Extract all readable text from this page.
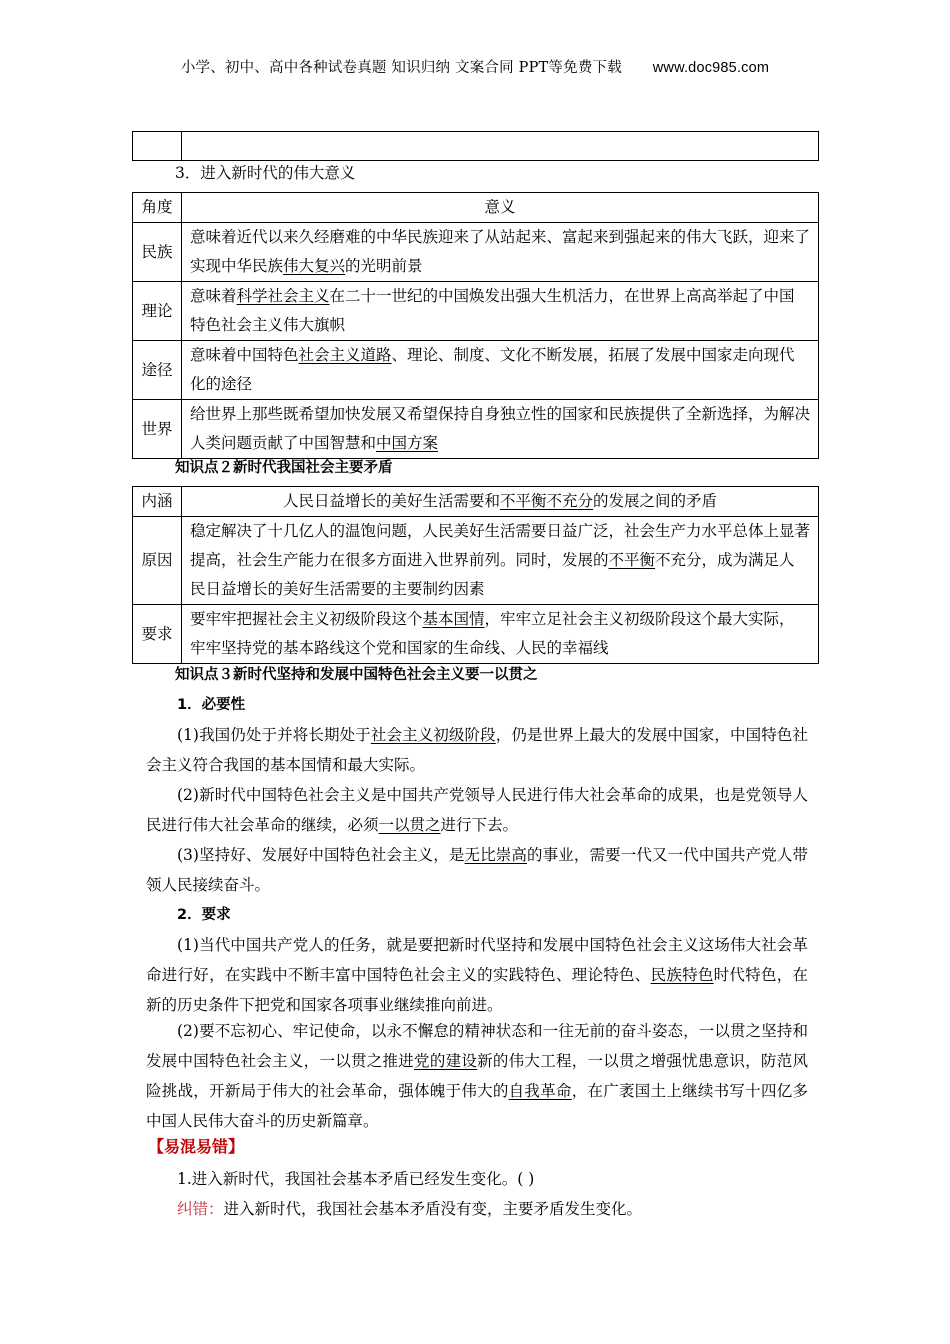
小学、初中、高中各种试卷真题 知识归纳 文案合同 PPT等免费下载 www.doc985.com

3．进入新时代的伟大意义
角度	意义
民族	意味着近代以来久经磨难的中华民族迎来了从站起来、富起来到强起来的伟大飞跃，迎来了实现中华民族伟大复兴的光明前景
理论	意味着科学社会主义在二十一世纪的中国焕发出强大生机活力，在世界上高高举起了中国特色社会主义伟大旗帜
途径	意味着中国特色社会主义道路、理论、制度、文化不断发展，拓展了发展中国家走向现代化的途径
世界	给世界上那些既希望加快发展又希望保持自身独立性的国家和民族提供了全新选择，为解决人类问题贡献了中国智慧和中国方案
知识点２新时代我国社会主要矛盾
内涵	人民日益增长的美好生活需要和不平衡不充分的发展之间的矛盾
原因	稳定解决了十几亿人的温饱问题，人民美好生活需要日益广泛，社会生产力水平总体上显著提高，社会生产能力在很多方面进入世界前列。同时，发展的不平衡不充分，成为满足人民日益增长的美好生活需要的主要制约因素
要求	要牢牢把握社会主义初级阶段这个基本国情，牢牢立足社会主义初级阶段这个最大实际，牢牢坚持党的基本路线这个党和国家的生命线、人民的幸福线
知识点３新时代坚持和发展中国特色社会主义要一以贯之
1．必要性
(1)我国仍处于并将长期处于社会主义初级阶段，仍是世界上最大的发展中国家，中国特色社会主义符合我国的基本国情和最大实际。
(2)新时代中国特色社会主义是中国共产党领导人民进行伟大社会革命的成果，也是党领导人民进行伟大社会革命的继续，必须一以贯之进行下去。
(3)坚持好、发展好中国特色社会主义，是无比崇高的事业，需要一代又一代中国共产党人带领人民接续奋斗。
2．要求
(1)当代中国共产党人的任务，就是要把新时代坚持和发展中国特色社会主义这场伟大社会革命进行好，在实践中不断丰富中国特色社会主义的实践特色、理论特色、民族特色时代特色，在新的历史条件下把党和国家各项事业继续推向前进。
(2)要不忘初心、牢记使命，以永不懈怠的精神状态和一往无前的奋斗姿态，一以贯之坚持和发展中国特色社会主义，一以贯之推进党的建设新的伟大工程，一以贯之增强忧患意识，防范风险挑战，开新局于伟大的社会革命，强体魄于伟大的自我革命，在广袤国土上继续书写十四亿多中国人民伟大奋斗的历史新篇章。
【易混易错】
1.进入新时代，我国社会基本矛盾已经发生变化。( )
纠错：进入新时代，我国社会基本矛盾没有变，主要矛盾发生变化。
